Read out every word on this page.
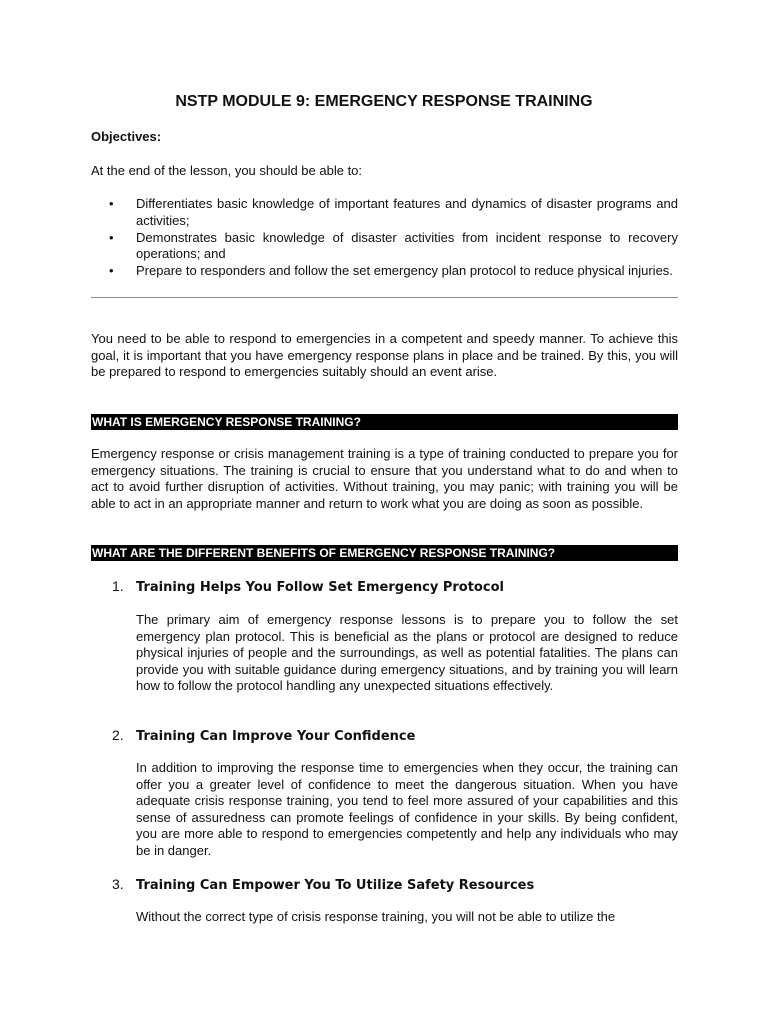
NSTP MODULE 9: EMERGENCY RESPONSE TRAINING
Objectives:
At the end of the lesson, you should be able to:
• Differentiates basic knowledge of important features and dynamics of disaster programs and activities;
• Demonstrates basic knowledge of disaster activities from incident response to recovery operations; and
• Prepare to responders and follow the set emergency plan protocol to reduce physical injuries.
You need to be able to respond to emergencies in a competent and speedy manner. To achieve this goal, it is important that you have emergency response plans in place and be trained. By this, you will be prepared to respond to emergencies suitably should an event arise.
WHAT IS EMERGENCY RESPONSE TRAINING?
Emergency response or crisis management training is a type of training conducted to prepare you for emergency situations. The training is crucial to ensure that you understand what to do and when to act to avoid further disruption of activities. Without training, you may panic; with training you will be able to act in an appropriate manner and return to work what you are doing as soon as possible.
WHAT ARE THE DIFFERENT BENEFITS OF EMERGENCY RESPONSE TRAINING?
1. Training Helps You Follow Set Emergency Protocol
The primary aim of emergency response lessons is to prepare you to follow the set emergency plan protocol. This is beneficial as the plans or protocol are designed to reduce physical injuries of people and the surroundings, as well as potential fatalities. The plans can provide you with suitable guidance during emergency situations, and by training you will learn how to follow the protocol handling any unexpected situations effectively.
2. Training Can Improve Your Confidence
In addition to improving the response time to emergencies when they occur, the training can offer you a greater level of confidence to meet the dangerous situation. When you have adequate crisis response training, you tend to feel more assured of your capabilities and this sense of assuredness can promote feelings of confidence in your skills. By being confident, you are more able to respond to emergencies competently and help any individuals who may be in danger.
3. Training Can Empower You To Utilize Safety Resources
Without the correct type of crisis response training, you will not be able to utilize the
